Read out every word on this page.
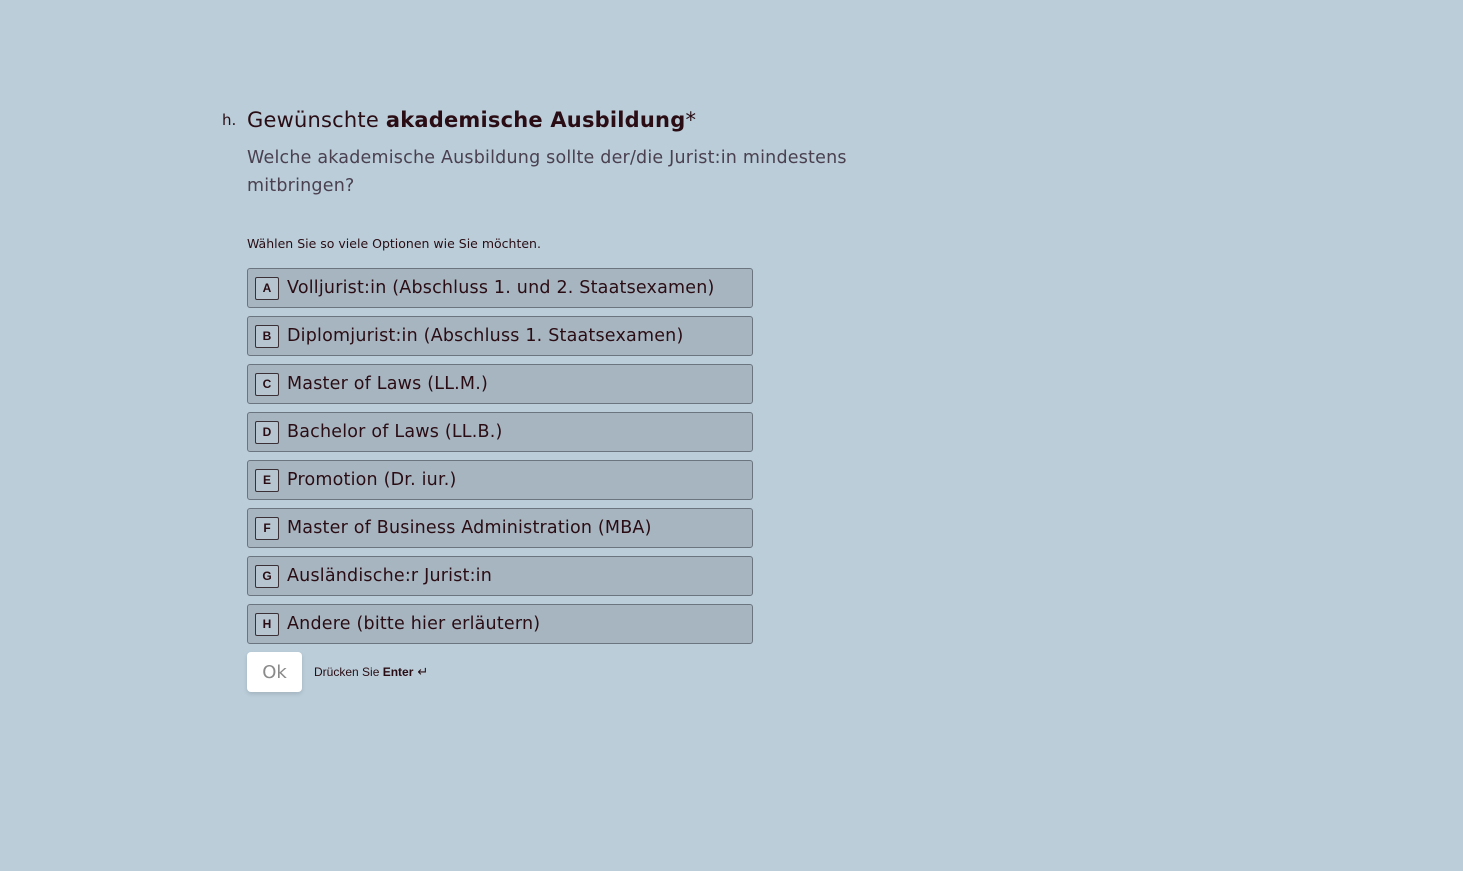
h. Gewünschte akademische Ausbildung*
Welche akademische Ausbildung sollte der/die Jurist:in mindestens mitbringen?
Wählen Sie so viele Optionen wie Sie möchten.
A Volljurist:in (Abschluss 1. und 2. Staatsexamen)
B Diplomjurist:in (Abschluss 1. Staatsexamen)
C Master of Laws (LL.M.)
D Bachelor of Laws (LL.B.)
E Promotion (Dr. iur.)
F Master of Business Administration (MBA)
G Ausländische:r Jurist:in
H Andere (bitte hier erläutern)
Ok	Drücken Sie Enter ↵
